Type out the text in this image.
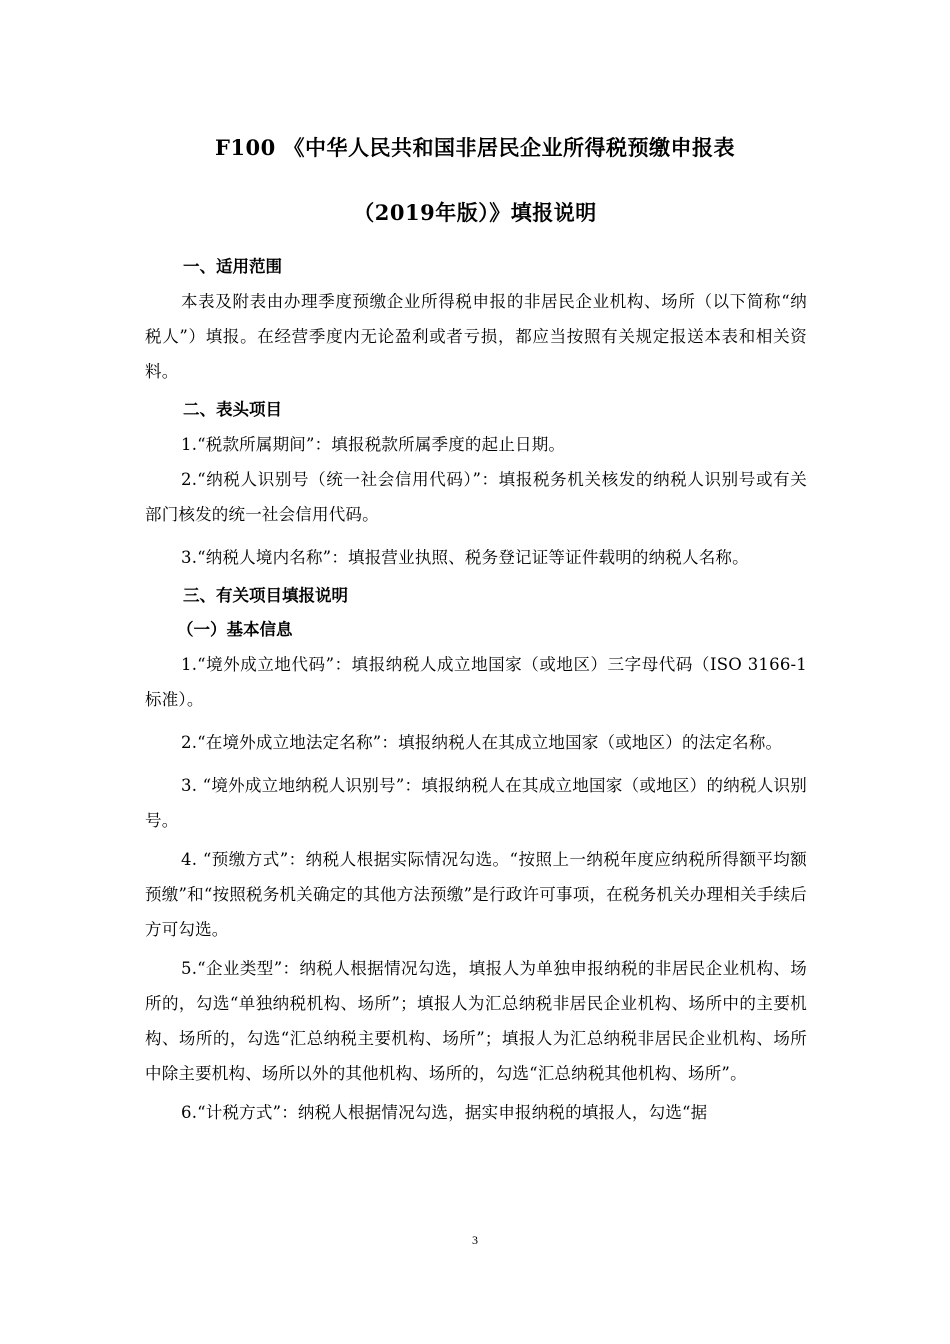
F100 《中华人民共和国非居民企业所得税预缴申报表
（2019年版）》填报说明

一、适用范围

本表及附表由办理季度预缴企业所得税申报的非居民企业机构、场所（以下简称“纳税人”）填报。在经营季度内无论盈利或者亏损，都应当按照有关规定报送本表和相关资料。

二、表头项目

1.“税款所属期间”：填报税款所属季度的起止日期。

2.“纳税人识别号（统一社会信用代码）”：填报税务机关核发的纳税人识别号或有关部门核发的统一社会信用代码。

3.“纳税人境内名称”：填报营业执照、税务登记证等证件载明的纳税人名称。

三、有关项目填报说明

（一）基本信息

1.“境外成立地代码”：填报纳税人成立地国家（或地区）三字母代码（ISO 3166-1标准）。

2.“在境外成立地法定名称”：填报纳税人在其成立地国家（或地区）的法定名称。

3. “境外成立地纳税人识别号”：填报纳税人在其成立地国家（或地区）的纳税人识别号。

4. “预缴方式”：纳税人根据实际情况勾选。“按照上一纳税年度应纳税所得额平均额预缴”和“按照税务机关确定的其他方法预缴”是行政许可事项，在税务机关办理相关手续后方可勾选。

5.“企业类型”：纳税人根据情况勾选，填报人为单独申报纳税的非居民企业机构、场所的，勾选“单独纳税机构、场所”；填报人为汇总纳税非居民企业机构、场所中的主要机构、场所的，勾选“汇总纳税主要机构、场所”；填报人为汇总纳税非居民企业机构、场所中除主要机构、场所以外的其他机构、场所的，勾选“汇总纳税其他机构、场所”。

6.“计税方式”：纳税人根据情况勾选，据实申报纳税的填报人，勾选“据

3
